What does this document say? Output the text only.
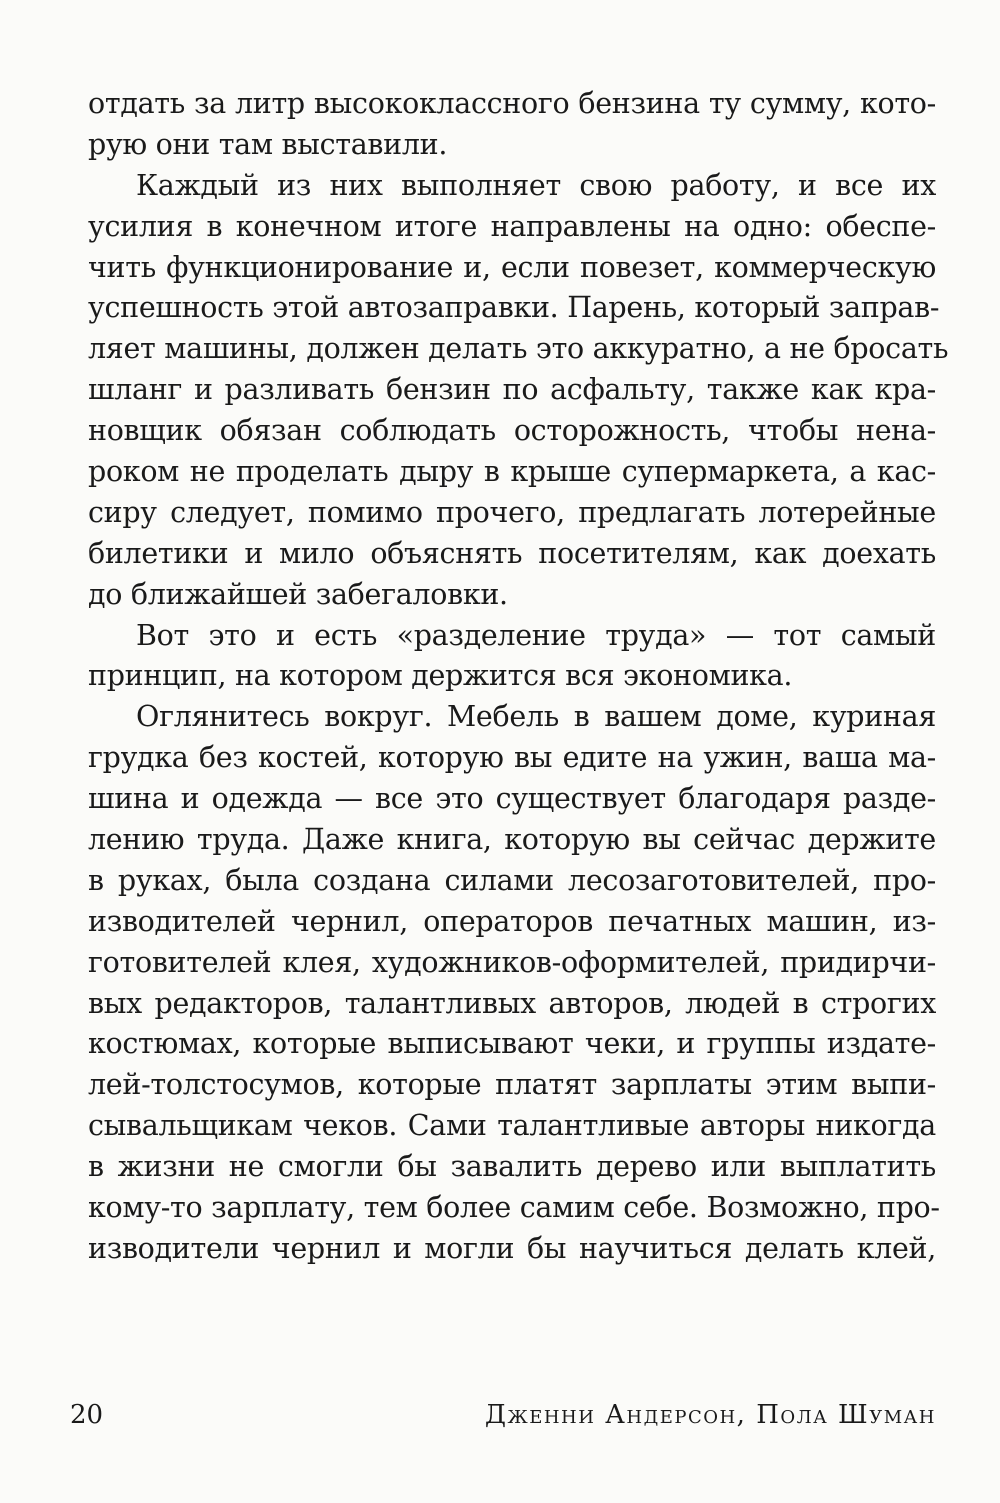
отдать за литр высококлассного бензина ту сумму, кото-
рую они там выставили.
Каждый из них выполняет свою работу, и все их
усилия в конечном итоге направлены на одно: обеспе-
чить функционирование и, если повезет, коммерческую
успешность этой автозаправки. Парень, который заправ-
ляет машины, должен делать это аккуратно, а не бросать
шланг и разливать бензин по асфальту, также как кра-
новщик обязан соблюдать осторожность, чтобы нена-
роком не проделать дыру в крыше супермаркета, а кас-
сиру следует, помимо прочего, предлагать лотерейные
билетики и мило объяснять посетителям, как доехать
до ближайшей забегаловки.
Вот это и есть «разделение труда» — тот самый
принцип, на котором держится вся экономика.
Оглянитесь вокруг. Мебель в вашем доме, куриная
грудка без костей, которую вы едите на ужин, ваша ма-
шина и одежда — все это существует благодаря разде-
лению труда. Даже книга, которую вы сейчас держите
в руках, была создана силами лесозаготовителей, про-
изводителей чернил, операторов печатных машин, из-
готовителей клея, художников-оформителей, придирчи-
вых редакторов, талантливых авторов, людей в строгих
костюмах, которые выписывают чеки, и группы издате-
лей-толстосумов, которые платят зарплаты этим выпи-
сывальщикам чеков. Сами талантливые авторы никогда
в жизни не смогли бы завалить дерево или выплатить
кому-то зарплату, тем более самим себе. Возможно, про-
изводители чернил и могли бы научиться делать клей,
20	Дженни Андерсон, Пола Шуман
